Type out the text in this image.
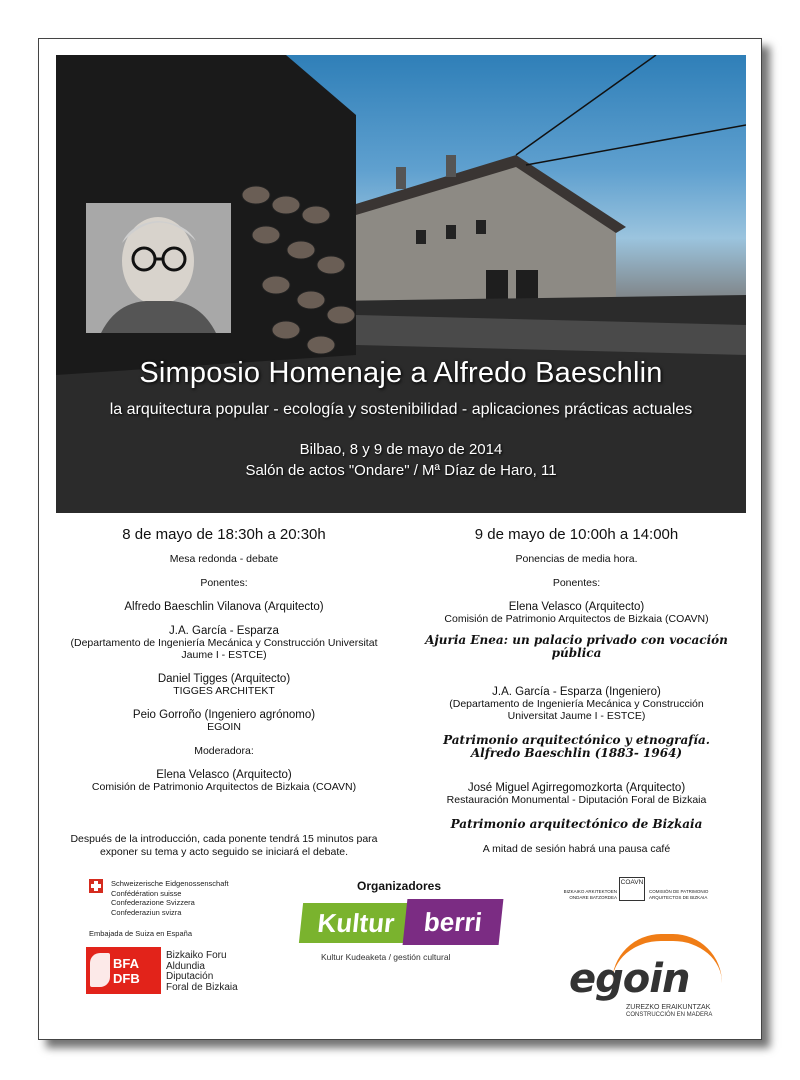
Simposio Homenaje a Alfredo Baeschlin
la arquitectura popular - ecología y sostenibilidad - aplicaciones prácticas actuales
Bilbao, 8 y 9 de mayo de 2014
Salón de actos "Ondare" / Mª Díaz de Haro, 11
8 de mayo de 18:30h a 20:30h

Mesa redonda - debate

Ponentes:

Alfredo Baeschlin Vilanova (Arquitecto)

J.A. García - Esparza

(Departamento de Ingeniería Mecánica y Construcción Universitat

Jaume I - ESTCE)

Daniel Tigges (Arquitecto)

TIGGES ARCHITEKT

Peio Gorroño (Ingeniero agrónomo)

EGOIN

Moderadora:

Elena Velasco (Arquitecto)

Comisión de Patrimonio Arquitectos de Bizkaia (COAVN)

Después de la introducción, cada ponente tendrá 15 minutos para

exponer su tema y acto seguido se iniciará el debate.

9 de mayo de 10:00h a 14:00h

Ponencias de media hora.

Ponentes:

Elena Velasco (Arquitecto)

Comisión de Patrimonio Arquitectos de Bizkaia (COAVN)

Ajuria Enea: un palacio privado con vocación

pública

J.A. García - Esparza (Ingeniero)

(Departamento de Ingeniería Mecánica y Construcción

Universitat Jaume I - ESTCE)

Patrimonio arquitectónico y etnografía.

Alfredo Baeschlin (1883- 1964)

José Miguel Agirregomozkorta (Arquitecto)

Restauración Monumental - Diputación Foral de Bizkaia

Patrimonio arquitectónico de Bizkaia

A mitad de sesión habrá una pausa café

Schweizerische Eidgenossenschaft
Confédération suisse
Confederazione Svizzera
Confederaziun svizra
Embajada de Suiza en España
BFA
DFB
Bizkaiko Foru
Aldundia
Diputación
Foral de Bizkaia
Organizadores
Kultur	berri
Kultur Kudeaketa / gestión cultural
BIZKAIKO ARKITEKTOEN ONDARE BATZORDEA
COAVN
COMISIÓN DE PATRIMONIO ARQUITECTOS DE BIZKAIA
egoin
ZUREZKO ERAIKUNTZAK
CONSTRUCCIÓN EN MADERA
